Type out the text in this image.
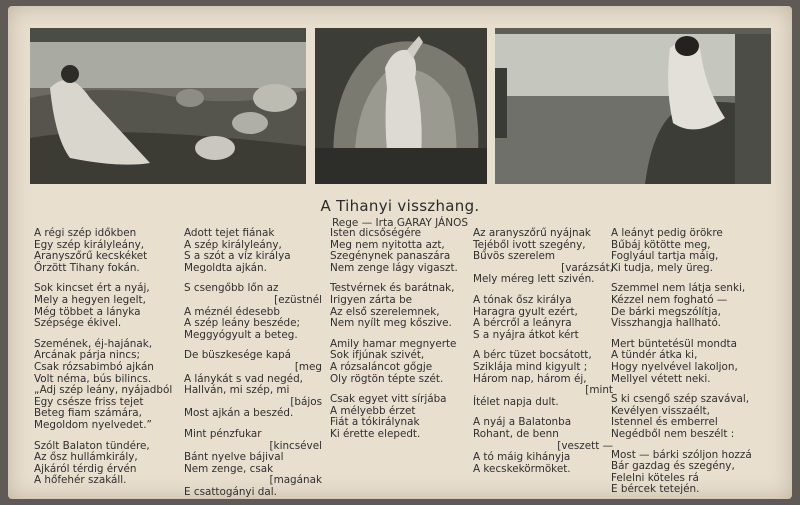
A Tihanyi visszhang.
Rege — Irta GARAY JÁNOS
A régi szép időkben
Egy szép királyleány,
Aranyszőrű kecskéket
Őrzött Tihany fokán.
Sok kincset ért a nyáj,
Mely a hegyen legelt,
Még többet a lányka
Szépsége ékivel.
Szemének, éj-hajának,
Arcának párja nincs;
Csak rózsabimbó ajkán
Volt néma, bús bilincs.
„Adj szép leány, nyájadból
Egy csésze friss tejet
Beteg fiam számára,
Megoldom nyelvedet.”
Szólt Balaton tündére,
Az ősz hullámkirály,
Ajkáról térdig érvén
A hőfehér szakáll.
Adott tejet fiának
A szép királyleány,
S a szót a víz királya
Megoldta ajkán.
S csengőbb lőn az
[ezüstnél
A méznél édesebb
A szép leány beszéde;
Meggyógyult a beteg.
De büszkesége kapá
[meg
A lánykát s vad negéd,
Hallván, mi szép, mi
[bájos
Most ajkán a beszéd.
Mint pénzfukar
[kincsével
Bánt nyelve bájival
Nem zenge, csak
[magának
E csattogányi dal.
Isten dicsőségére
Meg nem nyitotta azt,
Szegénynek panaszára
Nem zenge lágy vigaszt.
Testvérnek és barátnak,
Irigyen zárta be
Az első szerelemnek,
Nem nyílt meg kőszive.
Amily hamar megnyerte
Sok ifjúnak szivét,
A rózsaláncot gőgje
Oly rögtön tépte szét.
Csak egyet vitt sírjába
A mélyebb érzet
Fiát a tókirálynak
Ki érette elepedt.
Az aranyszőrű nyájnak
Tejéből ivott szegény,
Bűvös szerelem
[varázsát,
Mely méreg lett szivén.
A tónak ősz királya
Haragra gyult ezért,
A bércről a leányra
S a nyájra átkot kért
A bérc tüzet bocsátott,
Sziklája mind kigyult ;
Három nap, három éj,
[mint
Ítélet napja dult.
A nyáj a Balatonba
Rohant, de benn
[veszett —
A tó máig kihányja
A kecskekörmöket.
A leányt pedig örökre
Bűbáj kötötte meg,
Foglyául tartja máig,
Ki tudja, mely üreg.
Szemmel nem látja senki,
Kézzel nem fogható —
De bárki megszólítja,
Visszhangja hallható.
Mert büntetésül mondta
A tündér átka ki,
Hogy nyelvével lakoljon,
Mellyel vétett neki.
S ki csengő szép szavával,
Kevélyen visszaélt,
Istennel és emberrel
Negédből nem beszélt :
Most — bárki szóljon hozzá
Bár gazdag és szegény,
Felelni köteles rá
E bércek tetején.
